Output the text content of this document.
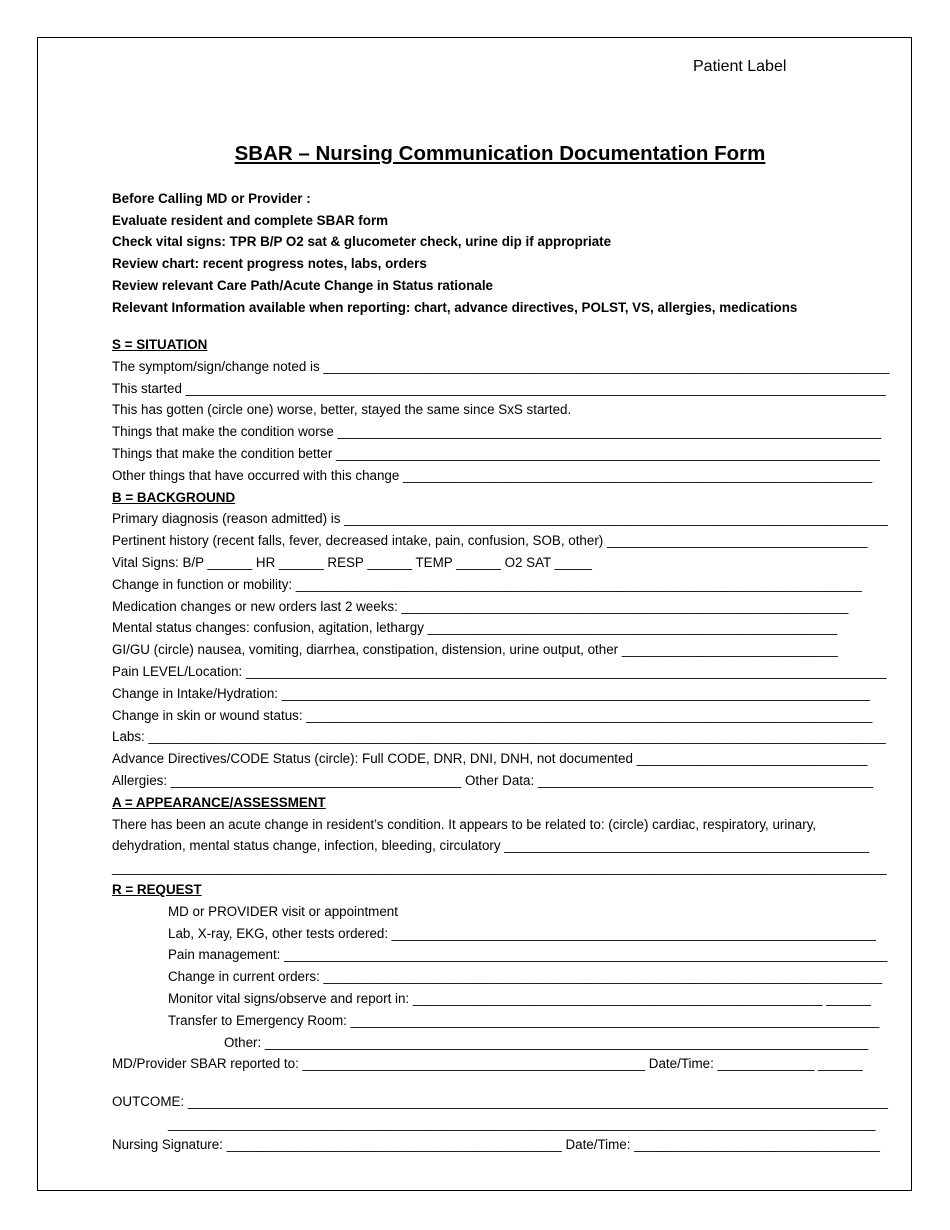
Patient Label
SBAR – Nursing Communication Documentation Form
Before Calling MD or Provider :
Evaluate resident and complete SBAR form
Check vital signs: TPR B/P O2 sat & glucometer check, urine dip if appropriate
Review chart: recent progress notes, labs, orders
Review relevant Care Path/Acute Change in Status rationale
Relevant Information available when reporting: chart, advance directives, POLST, VS, allergies, medications
S = SITUATION
The symptom/sign/change noted is ____________________________________________________________________________
This started ______________________________________________________________________________________________
This has gotten (circle one) worse, better, stayed the same since SxS started.
Things that make the condition worse _________________________________________________________________________
Things that make the condition better _________________________________________________________________________
Other things that have occurred with this change _______________________________________________________________
B = BACKGROUND
Primary diagnosis (reason admitted) is _________________________________________________________________________
Pertinent history (recent falls, fever, decreased intake, pain, confusion, SOB, other) ___________________________________
Vital Signs: B/P ______ HR ______ RESP ______ TEMP ______ O2 SAT _____
Change in function or mobility: ____________________________________________________________________________
Medication changes or new orders last 2 weeks: ____________________________________________________________
Mental status changes: confusion, agitation, lethargy _______________________________________________________
GI/GU (circle) nausea, vomiting, diarrhea, constipation, distension, urine output, other _____________________________
Pain LEVEL/Location: ______________________________________________________________________________________
Change in Intake/Hydration: _______________________________________________________________________________
Change in skin or wound status: ____________________________________________________________________________
Labs: ___________________________________________________________________________________________________
Advance Directives/CODE Status (circle): Full CODE, DNR, DNI, DNH, not documented _______________________________
Allergies: _______________________________________ Other Data: _____________________________________________
A = APPEARANCE/ASSESSMENT
There has been an acute change in resident’s condition. It appears to be related to: (circle) cardiac, respiratory, urinary,
dehydration, mental status change, infection, bleeding, circulatory _________________________________________________
________________________________________________________________________________________________________
R = REQUEST
MD or PROVIDER visit or appointment
Lab, X-ray, EKG, other tests ordered: _________________________________________________________________
Pain management: _________________________________________________________________________________
Change in current orders: ___________________________________________________________________________
Monitor vital signs/observe and report in: _______________________________________________________ ______
Transfer to Emergency Room: _______________________________________________________________________
Other: _________________________________________________________________________________
MD/Provider SBAR reported to: ______________________________________________ Date/Time: _____________ ______
OUTCOME: ______________________________________________________________________________________________
_______________________________________________________________________________________________
Nursing Signature: _____________________________________________ Date/Time: _________________________________
